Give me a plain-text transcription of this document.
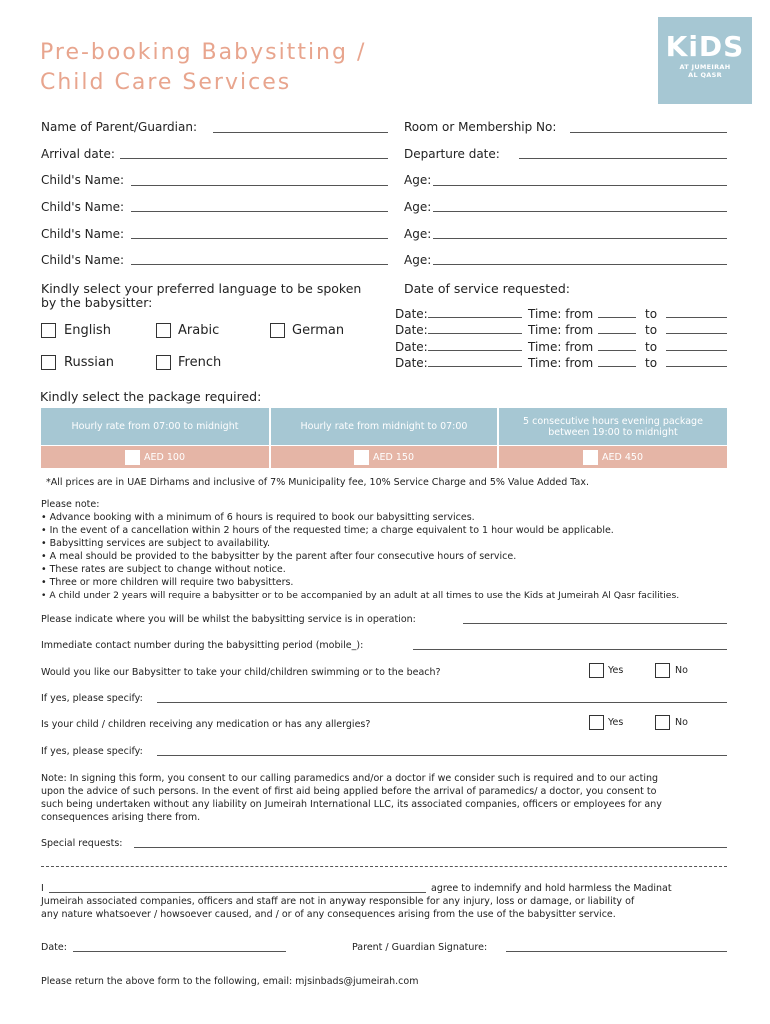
Pre-booking Babysitting /
Child Care Services
KiDS
AT JUMEIRAH
AL QASR
Name of Parent/Guardian:	Room or Membership No:
Arrival date:	Departure date:
Child's Name:	Age:
Child's Name:	Age:
Child's Name:	Age:
Child's Name:	Age:
Kindly select your preferred language to be spoken
by the babysitter:
English	Arabic	German
Russian	French
Date of service requested:
Date:	Time: from	to
Date:	Time: from	to
Date:	Time: from	to
Date:	Time: from	to
Kindly select the package required:
Hourly rate from 07:00 to midnight	Hourly rate from midnight to 07:00	5 consecutive hours evening package between 19:00 to midnight
AED 100	AED 150	AED 450
*All prices are in UAE Dirhams and inclusive of 7% Municipality fee, 10% Service Charge and 5% Value Added Tax.
Please note:
• Advance booking with a minimum of 6 hours is required to book our babysitting services.
• In the event of a cancellation within 2 hours of the requested time; a charge equivalent to 1 hour would be applicable.
• Babysitting services are subject to availability.
• A meal should be provided to the babysitter by the parent after four consecutive hours of service.
• These rates are subject to change without notice.
• Three or more children will require two babysitters.
• A child under 2 years will require a babysitter or to be accompanied by an adult at all times to use the Kids at Jumeirah Al Qasr facilities.
Please indicate where you will be whilst the babysitting service is in operation:
Immediate contact number during the babysitting period (mobile_):
Would you like our Babysitter to take your child/children swimming or to the beach?	Yes	No
If yes, please specify:
Is your child / children receiving any medication or has any allergies?	Yes	No
If yes, please specify:
Note: In signing this form, you consent to our calling paramedics and/or a doctor if we consider such is required and to our acting
upon the advice of such persons. In the event of first aid being applied before the arrival of paramedics/ a doctor, you consent to
such being undertaken without any liability on Jumeirah International LLC, its associated companies, officers or employees for any
consequences arising there from.
Special requests:
I	agree to indemnify and hold harmless the Madinat
Jumeirah associated companies, officers and staff are not in anyway responsible for any injury, loss or damage, or liability of
any nature whatsoever / howsoever caused, and / or of any consequences arising from the use of the babysitter service.
Date:	Parent / Guardian Signature:
Please return the above form to the following, email: mjsinbads@jumeirah.com
